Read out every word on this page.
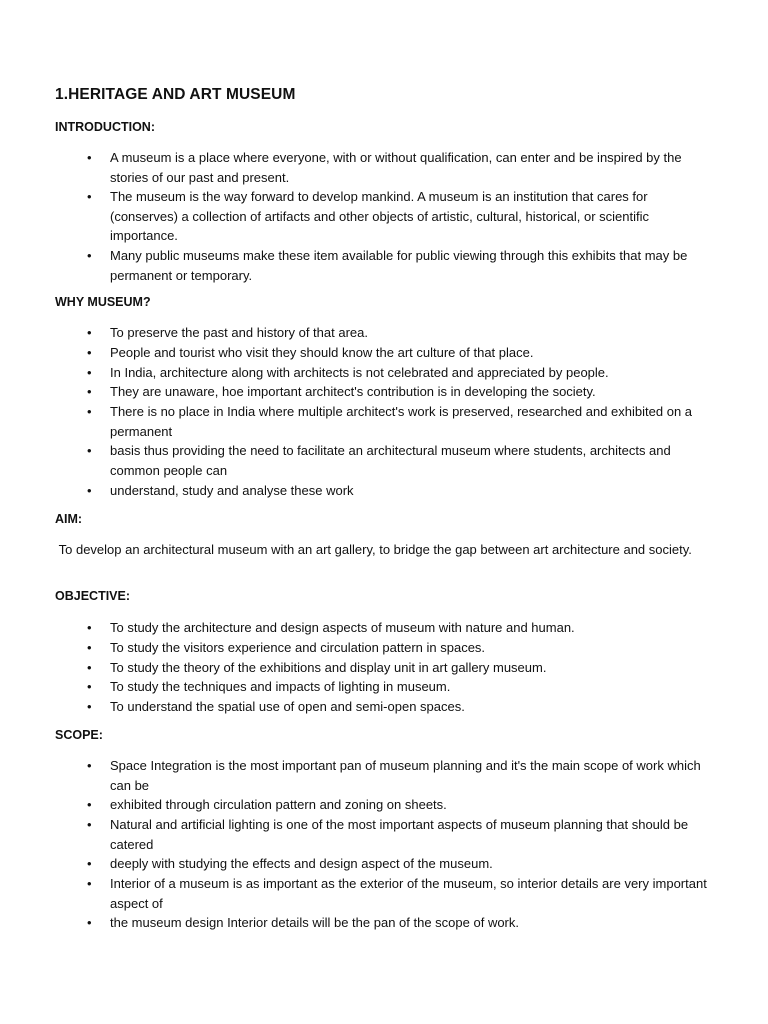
1.HERITAGE AND ART MUSEUM
INTRODUCTION:
• A museum is a place where everyone, with or without qualification, can enter and be inspired by the stories of our past and present.
• The museum is the way forward to develop mankind. A museum is an institution that cares for (conserves) a collection of artifacts and other objects of artistic, cultural, historical, or scientific importance.
• Many public museums make these item available for public viewing through this exhibits that may be permanent or temporary.
WHY MUSEUM?
• To preserve the past and history of that area.
• People and tourist who visit they should know the art culture of that place.
• In India, architecture along with architects is not celebrated and appreciated by people.
• They are unaware, hoe important architect's contribution is in developing the society.
• There is no place in India where multiple architect's work is preserved, researched and exhibited on a permanent
• basis thus providing the need to facilitate an architectural museum where students, architects and common people can
• understand, study and analyse these work
AIM:
To develop an architectural museum with an art gallery, to bridge the gap between art architecture and society.
OBJECTIVE:
• To study the architecture and design aspects of museum with nature and human.
• To study the visitors experience and circulation pattern in spaces.
• To study the theory of the exhibitions and display unit in art gallery museum.
• To study the techniques and impacts of lighting in museum.
• To understand the spatial use of open and semi-open spaces.
SCOPE:
• Space Integration is the most important pan of museum planning and it's the main scope of work which can be
• exhibited through circulation pattern and zoning on sheets.
• Natural and artificial lighting is one of the most important aspects of museum planning that should be catered
• deeply with studying the effects and design aspect of the museum.
• Interior of a museum is as important as the exterior of the museum, so interior details are very important aspect of
• the museum design Interior details will be the pan of the scope of work.
